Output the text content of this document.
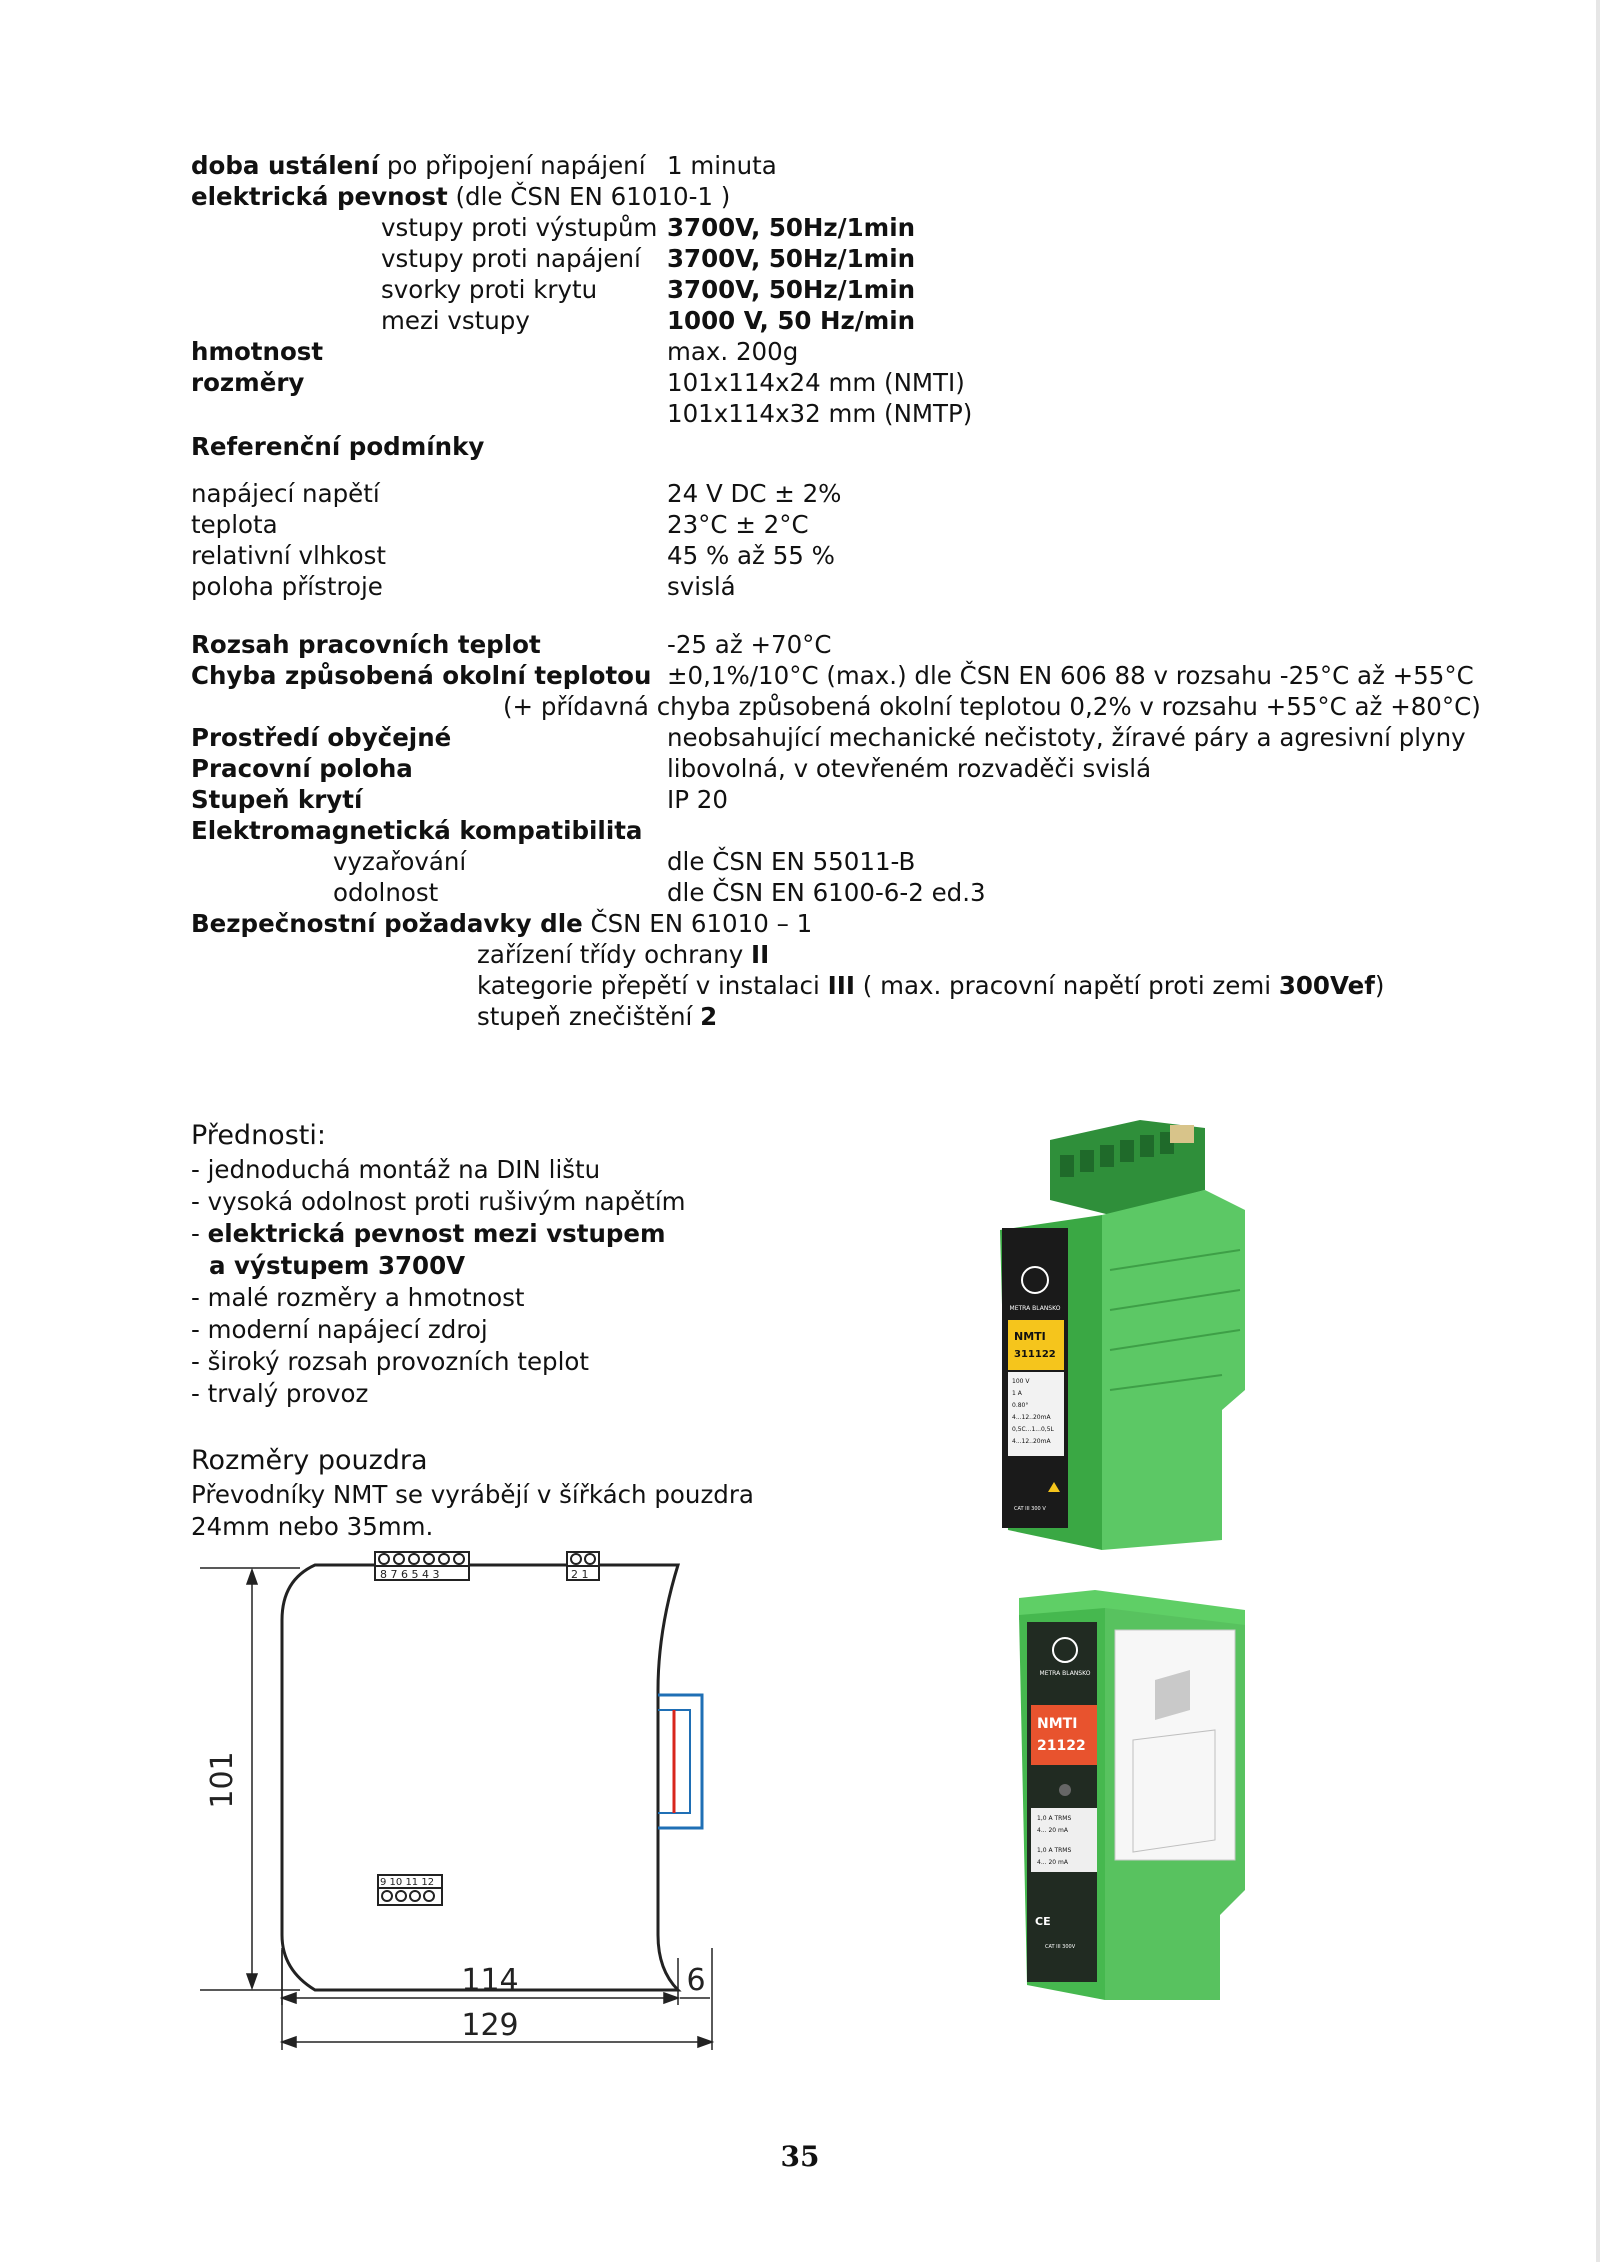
doba ustálení po připojení napájení 1 minuta
elektrická pevnost (dle ČSN EN 61010-1 )
vstupy proti výstupům 3700V, 50Hz/1min
vstupy proti napájení 3700V, 50Hz/1min
svorky proti krytu	3700V, 50Hz/1min
mezi vstupy	1000 V, 50 Hz/min
hmotnost	max. 200g
rozměry	101x114x24 mm (NMTI)
101x114x32 mm (NMTP)
Referenční podmínky
napájecí napětí	24 V DC ± 2%
teplota	23°C ± 2°C
relativní vlhkost	45 % až 55 %
poloha přístroje	svislá
Rozsah pracovních teplot	-25 až +70°C
Chyba způsobená okolní teplotou ±0,1%/10°C (max.) dle ČSN EN 606 88 v rozsahu -25°C až +55°C
(+ přídavná chyba způsobená okolní teplotou 0,2% v rozsahu +55°C až +80°C)
Prostředí obyčejné	neobsahující mechanické nečistoty, žíravé páry a agresivní plyny
Pracovní poloha	libovolná, v otevřeném rozvaděči svislá
Stupeň krytí	IP 20
Elektromagnetická kompatibilita
vyzařování	dle ČSN EN 55011-B
odolnost	dle ČSN EN 6100-6-2 ed.3
Bezpečnostní požadavky dle ČSN EN 61010 – 1
zařízení třídy ochrany II
kategorie přepětí v instalaci III ( max. pracovní napětí proti zemi 300Vef)
stupeň znečištění 2
Přednosti:
- jednoduchá montáž na DIN lištu
- vysoká odolnost proti rušivým napětím
- elektrická pevnost mezi vstupem
a výstupem 3700V
- malé rozměry a hmotnost
- moderní napájecí zdroj
- široký rozsah provozních teplot
- trvalý provoz
Rozměry pouzdra
Převodníky NMT se vyrábějí v šířkách pouzdra
24mm nebo 35mm.
8 7 6 5 4 3	2 1
9 10 11 12
101
114	6
129
METRA BLANSKO
NMTI
311122
100 V
1 A
0.80°
4...12..20mA
0,5C...1...0,5L
4...12..20mA
CAT III 300 V
METRA BLANSKO
NMTI
21122
1,0 A TRMS
4... 20 mA
1,0 A TRMS
4... 20 mA
CE
CAT III 300V
35
